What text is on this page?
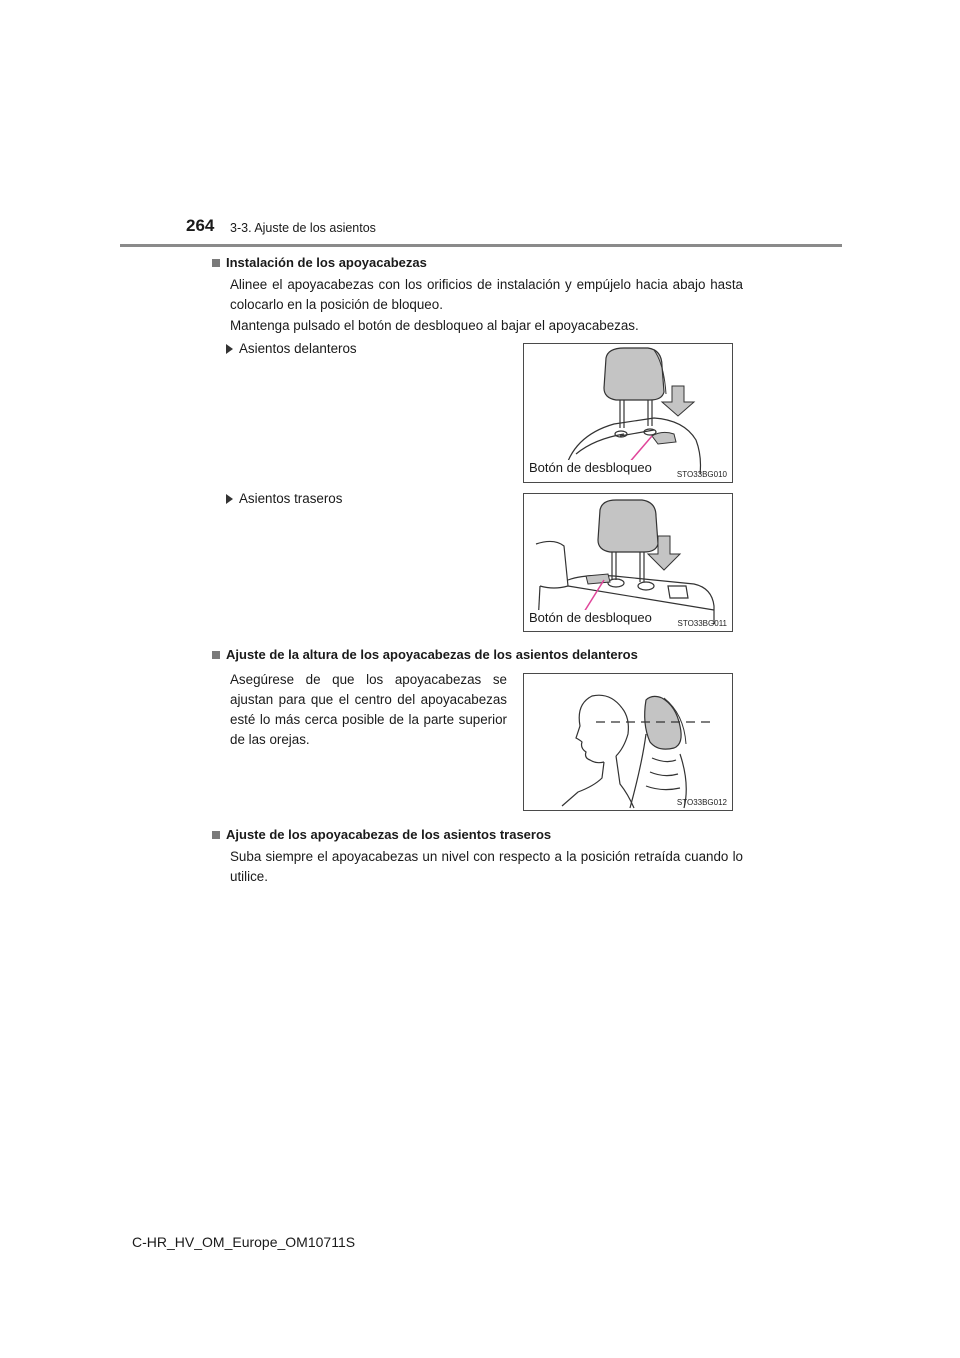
264 3-3. Ajuste de los asientos
Instalación de los apoyacabezas
Alinee el apoyacabezas con los orificios de instalación y empújelo hacia abajo hasta colocarlo en la posición de bloqueo.
Mantenga pulsado el botón de desbloqueo al bajar el apoyacabezas.
Asientos delanteros
Botón de desbloqueo	STO33BG010
Asientos traseros
Botón de desbloqueo	STO33BG011
Ajuste de la altura de los apoyacabezas de los asientos delanteros
Asegúrese de que los apoyacabezas se ajustan para que el centro del apoyacabezas esté lo más cerca posible de la parte superior de las orejas.
STO33BG012
Ajuste de los apoyacabezas de los asientos traseros
Suba siempre el apoyacabezas un nivel con respecto a la posición retraída cuando lo utilice.
C-HR_HV_OM_Europe_OM10711S
